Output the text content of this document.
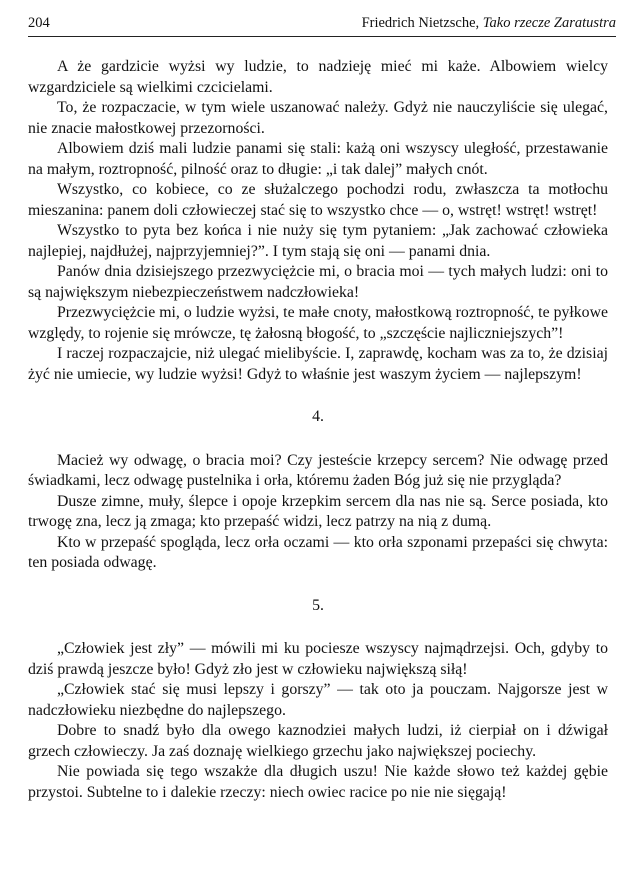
204	Friedrich Nietzsche, Tako rzecze Zaratustra

A że gardzicie wyżsi wy ludzie, to nadzieję mieć mi każe. Albowiem wielcy wzgardziciele są wielkimi czcicielami.

To, że rozpaczacie, w tym wiele uszanować należy. Gdyż nie nauczyliście się ulegać, nie znacie małostkowej przezorności.

Albowiem dziś mali ludzie panami się stali: każą oni wszyscy uległość, przestawanie na małym, roztropność, pilność oraz to długie: „i tak dalej” małych cnót.

Wszystko, co kobiece, co ze służalczego pochodzi rodu, zwłaszcza ta motłochu mieszanina: panem doli człowieczej stać się to wszystko chce — o, wstręt! wstręt! wstręt!

Wszystko to pyta bez końca i nie nuży się tym pytaniem: „Jak zachować człowieka najlepiej, najdłużej, najprzyjemniej?”. I tym stają się oni — panami dnia.

Panów dnia dzisiejszego przezwyciężcie mi, o bracia moi — tych małych ludzi: oni to są największym niebezpieczeństwem nadczłowieka!

Przezwyciężcie mi, o ludzie wyżsi, te małe cnoty, małostkową roztropność, te pyłkowe względy, to rojenie się mrówcze, tę żałosną błogość, to „szczęście najliczniejszych”!

I raczej rozpaczajcie, niż ulegać mielibyście. I, zaprawdę, kocham was za to, że dzisiaj żyć nie umiecie, wy ludzie wyżsi! Gdyż to właśnie jest waszym życiem — najlepszym!

4.

Macież wy odwagę, o bracia moi? Czy jesteście krzepcy sercem? Nie odwagę przed świadkami, lecz odwagę pustelnika i orła, któremu żaden Bóg już się nie przygląda?

Dusze zimne, muły, ślepce i opoje krzepkim sercem dla nas nie są. Serce posiada, kto trwogę zna, lecz ją zmaga; kto przepaść widzi, lecz patrzy na nią z dumą.

Kto w przepaść spogląda, lecz orła oczami — kto orła szponami przepaści się chwyta: ten posiada odwagę.

5.

„Człowiek jest zły” — mówili mi ku pociesze wszyscy najmądrzejsi. Och, gdyby to dziś prawdą jeszcze było! Gdyż zło jest w człowieku największą siłą!

„Człowiek stać się musi lepszy i gorszy” — tak oto ja pouczam. Najgorsze jest w nadczłowieku niezbędne do najlepszego.

Dobre to snadź było dla owego kaznodziei małych ludzi, iż cierpiał on i dźwigał grzech człowieczy. Ja zaś doznaję wielkiego grzechu jako największej pociechy.

Nie powiada się tego wszakże dla długich uszu! Nie każde słowo też każdej gębie przystoi. Subtelne to i dalekie rzeczy: niech owiec racice po nie nie sięgają!
